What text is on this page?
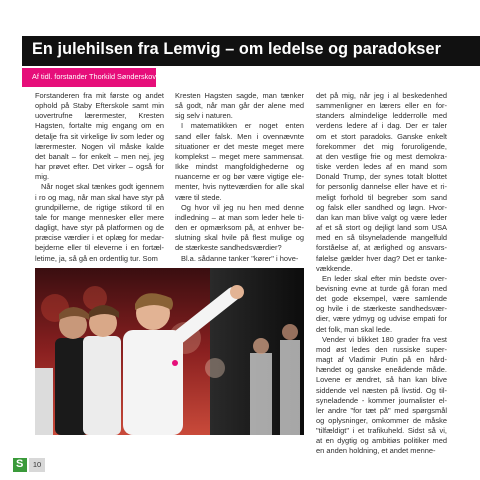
En julehilsen fra Lemvig – om ledelse og paradokser
Af tidl. forstander Thorkild Sønderskov
Forstanderen fra mit første og andet
ophold på Staby Efterskole samt min
uovertrufne lærermester, Kresten
Hagsten, fortalte mig engang om en
detalje fra sit virkelige liv som leder og
lærermester. Nogen vil måske kalde
det banalt – for enkelt – men nej, jeg
har prøvet efter. Det virker – også for
mig.
Når noget skal tænkes godt igennem
i ro og mag, når man skal have styr på
grundpillerne, de rigtige stikord til en
tale for mange mennesker eller mere
dagligt, have styr på platformen og de
præcise værdier i et oplæg for medar-
bejderne eller til eleverne i en fortæl-
letime, ja, så gå en ordentlig tur. Som
Kresten Hagsten sagde, man tænker
så godt, når man går der alene med
sig selv i naturen.
I matematikken er noget enten
sand eller falsk. Men i ovennævnte
situationer er det meste meget mere
komplekst – meget mere sammensat.
Ikke mindst mangfoldighederne og
nuancerne er og bør være vigtige ele-
menter, hvis nytteværdien for alle skal
være til stede.
Og hvor vil jeg nu hen med denne
indledning – at man som leder hele ti-
den er opmærksom på, at enhver be-
slutning skal hvile på flest mulige og
de stærkeste sandhedsværdier?
Bl.a. sådanne tanker "kører" i hove-
det på mig, når jeg i al beskedenhed
sammenligner en lærers eller en for-
standers almindelige ledderrolle med
verdens ledere af i dag. Der er taler
om et stort paradoks. Ganske enkelt
forekommer det mig foruroligende,
at den vestlige frie og mest demokra-
tiske verden ledes af en mand som
Donald Trump, der synes totalt blottet
for personlig dannelse eller have et ri-
meligt forhold til begreber som sand
og falsk eller sandhed og løgn. Hvor-
dan kan man blive valgt og være leder
af et så stort og dejligt land som USA
med en så tilsyneladende mangelfuld
forståelse af, at ærlighed og ansvars-
følelse gælder hver dag? Det er tanke-
vækkende.
En leder skal efter min bedste over-
bevisning evne at turde gå foran med
det gode eksempel, være samlende
og hvile i de stærkeste sandhedsvær-
dier, være ydmyg og udvise empati for
det folk, man skal lede.
Vender vi blikket 180 grader fra vest
mod øst ledes den russiske super-
magt af Vladimir Putin på en hård-
hændet og ganske eneådende måde.
Lovene er ændret, så han kan blive
siddende vel næsten på livstid. Og til-
syneladende - kommer journalister el-
ler andre "for tæt på" med spørgsmål
og oplysninger, omkommer de måske
"tilfældigt" i et trafikuheld. Sidst så vi,
at en dygtig og ambitiøs politiker med
en anden holdning, et andet menne-
S	10
